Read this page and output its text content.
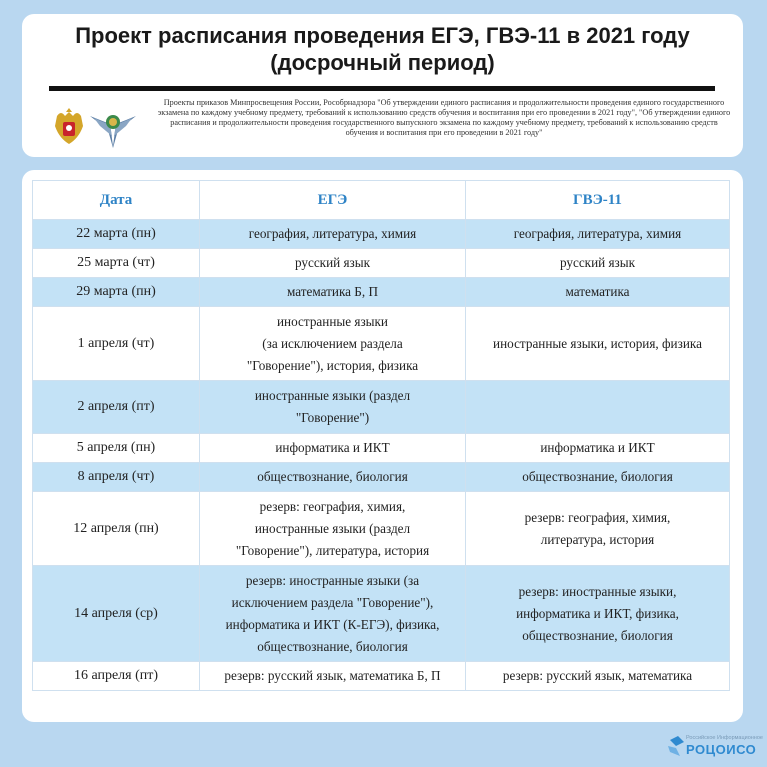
Проект расписания проведения ЕГЭ, ГВЭ-11 в 2021 году
(досрочный период)
Проекты приказов Минпросвещения России, Рособрнадзора "Об утверждении единого расписания и продолжительности проведения единого государственного экзамена по каждому учебному предмету, требований к использованию средств обучения и воспитания при его проведении в 2021 году", "Об утверждении единого расписания и продолжительности проведения государственного выпускного экзамена по каждому учебному предмету, требований к использованию средств обучения и воспитания при его проведении в 2021 году"
Дата	ЕГЭ	ГВЭ-11
22 марта (пн)	география, литература, химия	география, литература, химия
25 марта (чт)	русский язык	русский язык
29 марта (пн)	математика Б, П	математика
1 апреля (чт)	иностранные языки
(за исключением раздела
"Говорение"), история, физика	иностранные языки, история, физика
2 апреля (пт)	иностранные языки (раздел
"Говорение")	
5 апреля (пн)	информатика и ИКТ	информатика и ИКТ
8 апреля (чт)	обществознание, биология	обществознание, биология
12 апреля (пн)	резерв: география, химия,
иностранные языки (раздел
"Говорение"), литература, история	резерв: география, химия,
литература, история
14 апреля (ср)	резерв: иностранные языки (за
исключением раздела "Говорение"),
информатика и ИКТ (К-ЕГЭ), физика,
обществознание, биология	резерв: иностранные языки,
информатика и ИКТ, физика,
обществознание, биология
16 апреля (пт)	резерв: русский язык, математика Б, П	резерв: русский язык, математика
Российское Информационное
РОЦОИСО
